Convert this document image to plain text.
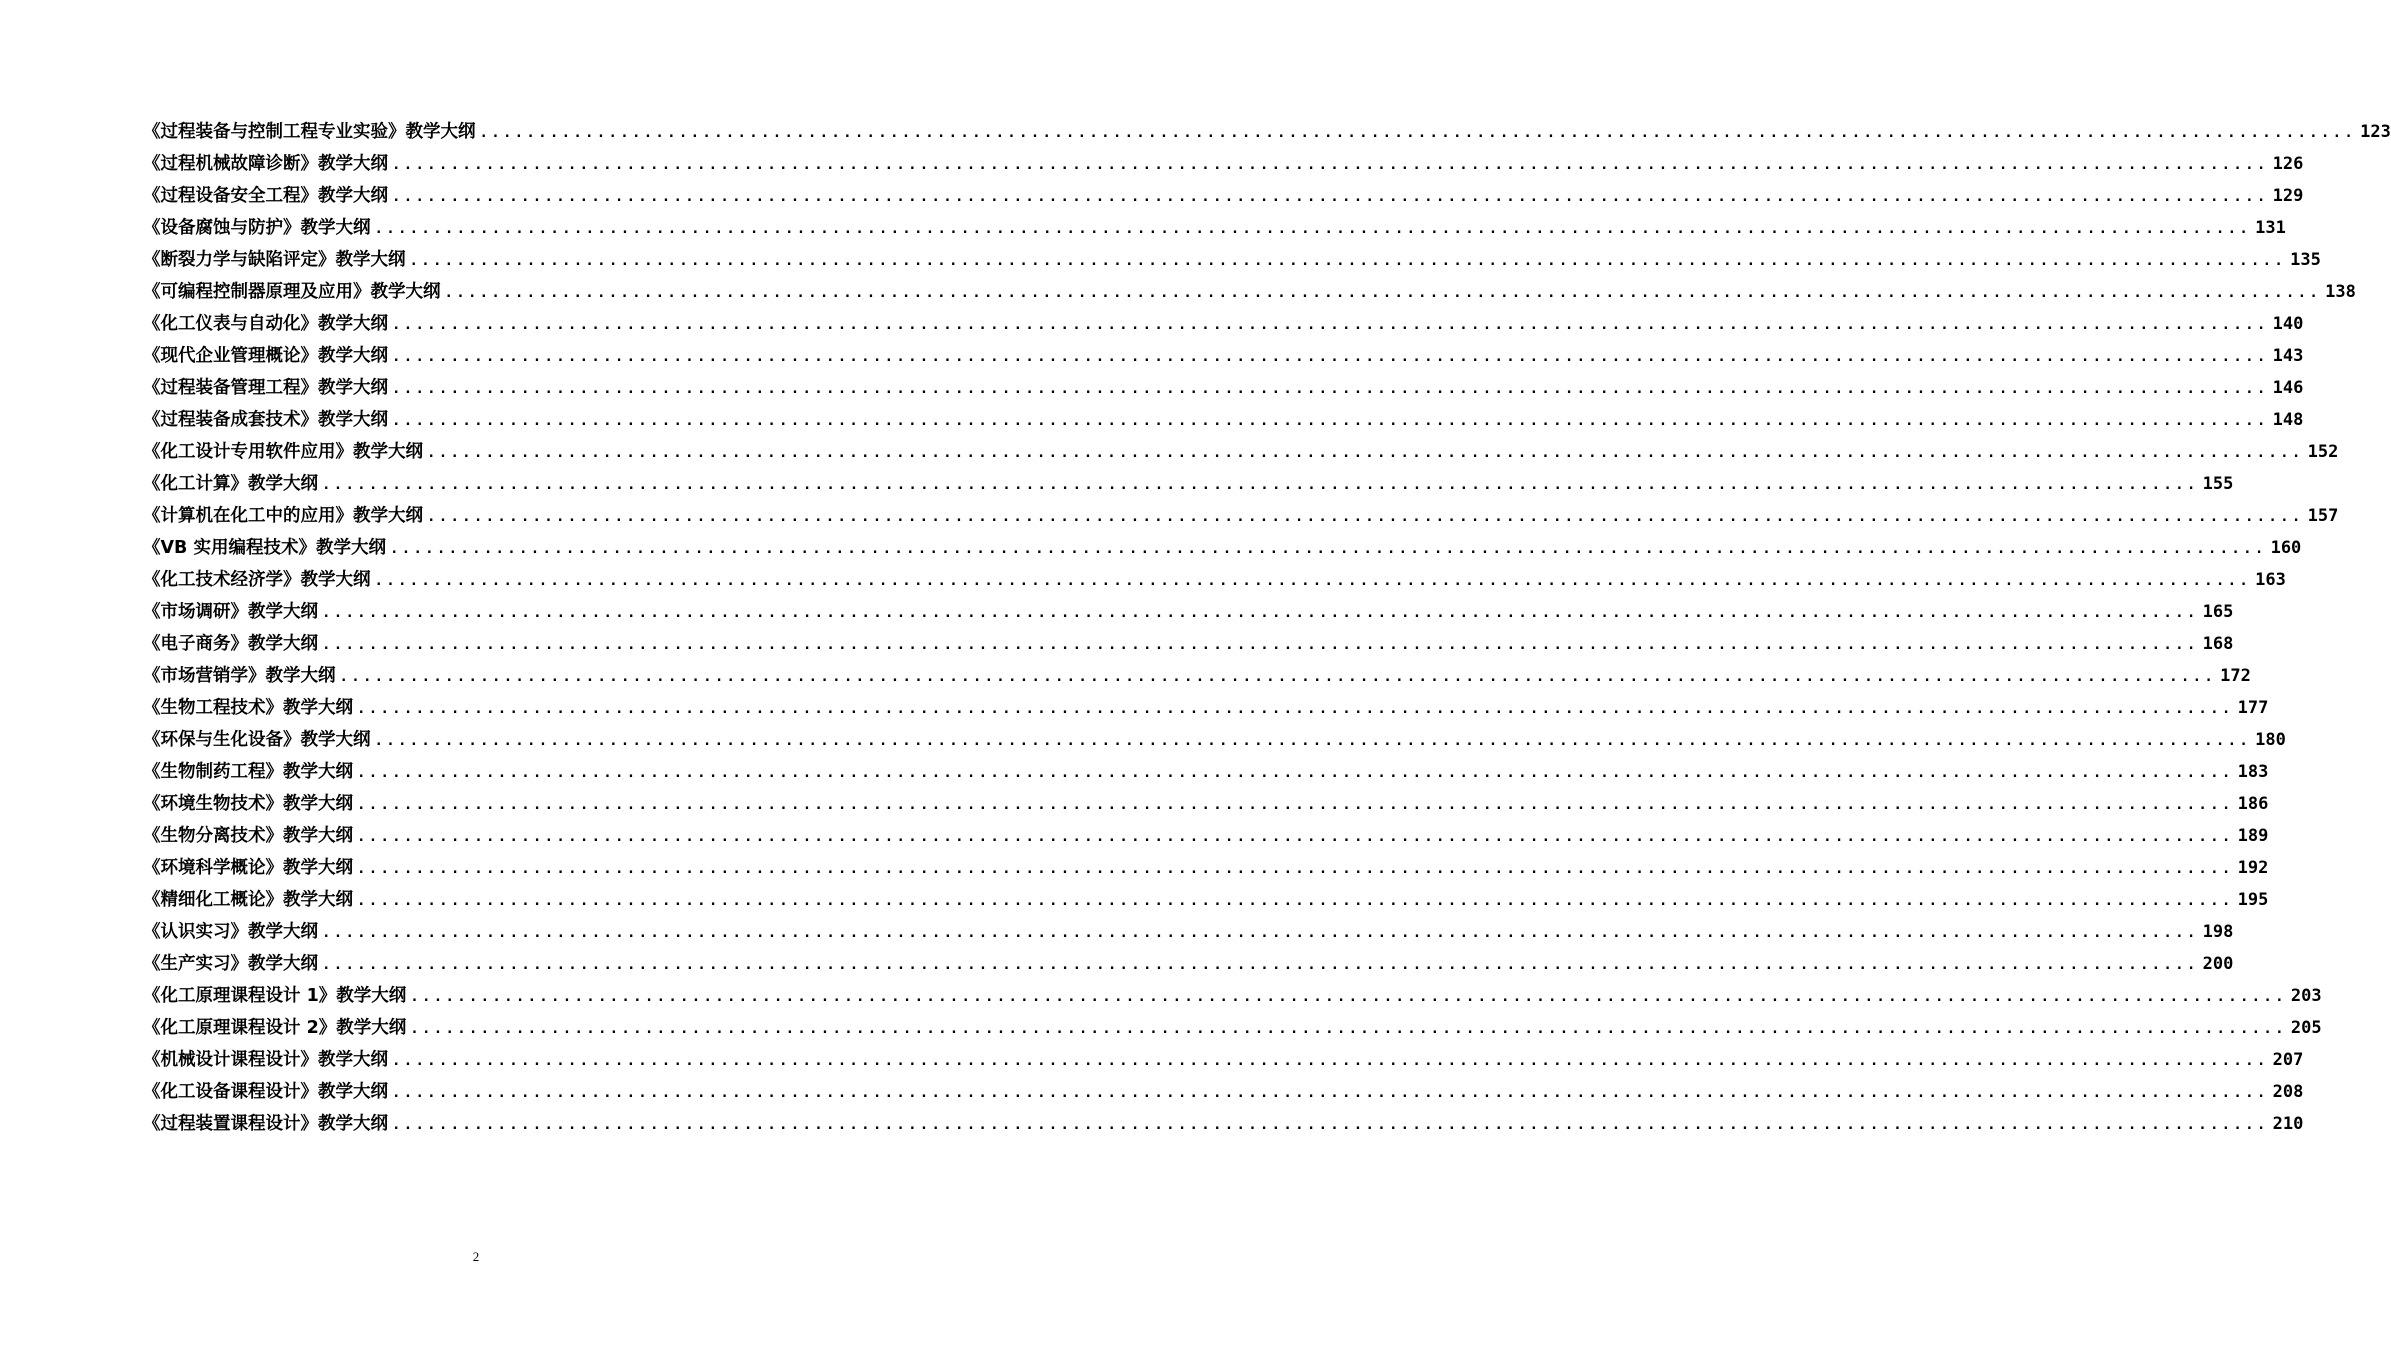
《过程装备与控制工程专业实验》教学大纲 ................................................................................................................................................................ 123
《过程机械故障诊断》教学大纲 ................................................................................................................................................................ 126
《过程设备安全工程》教学大纲 ................................................................................................................................................................ 129
《设备腐蚀与防护》教学大纲 ................................................................................................................................................................ 131
《断裂力学与缺陷评定》教学大纲 ................................................................................................................................................................ 135
《可编程控制器原理及应用》教学大纲 ................................................................................................................................................................ 138
《化工仪表与自动化》教学大纲 ................................................................................................................................................................ 140
《现代企业管理概论》教学大纲 ................................................................................................................................................................ 143
《过程装备管理工程》教学大纲 ................................................................................................................................................................ 146
《过程装备成套技术》教学大纲 ................................................................................................................................................................ 148
《化工设计专用软件应用》教学大纲 ................................................................................................................................................................ 152
《化工计算》教学大纲 ................................................................................................................................................................ 155
《计算机在化工中的应用》教学大纲 ................................................................................................................................................................ 157
《VB 实用编程技术》教学大纲 ................................................................................................................................................................ 160
《化工技术经济学》教学大纲 ................................................................................................................................................................ 163
《市场调研》教学大纲 ................................................................................................................................................................ 165
《电子商务》教学大纲 ................................................................................................................................................................ 168
《市场营销学》教学大纲 ................................................................................................................................................................ 172
《生物工程技术》教学大纲 ................................................................................................................................................................ 177
《环保与生化设备》教学大纲 ................................................................................................................................................................ 180
《生物制药工程》教学大纲 ................................................................................................................................................................ 183
《环境生物技术》教学大纲 ................................................................................................................................................................ 186
《生物分离技术》教学大纲 ................................................................................................................................................................ 189
《环境科学概论》教学大纲 ................................................................................................................................................................ 192
《精细化工概论》教学大纲 ................................................................................................................................................................ 195
《认识实习》教学大纲 ................................................................................................................................................................ 198
《生产实习》教学大纲 ................................................................................................................................................................ 200
《化工原理课程设计 1》教学大纲 ................................................................................................................................................................ 203
《化工原理课程设计 2》教学大纲 ................................................................................................................................................................ 205
《机械设计课程设计》教学大纲 ................................................................................................................................................................ 207
《化工设备课程设计》教学大纲 ................................................................................................................................................................ 208
《过程装置课程设计》教学大纲 ................................................................................................................................................................ 210
2
